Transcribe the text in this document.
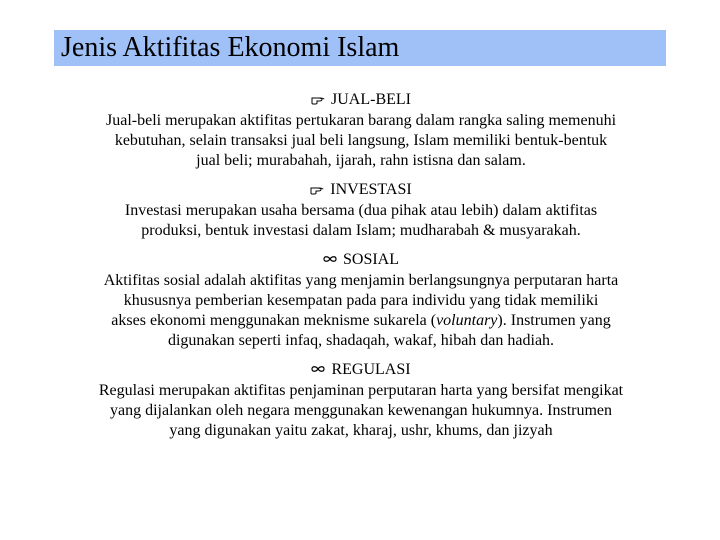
Jenis Aktifitas Ekonomi Islam
JUAL-BELI

Jual-beli merupakan aktifitas pertukaran barang dalam rangka saling memenuhi
kebutuhan, selain transaksi jual beli langsung, Islam memiliki bentuk-bentuk
jual beli; murabahah, ijarah, rahn istisna dan salam.

INVESTASI

Investasi merupakan usaha bersama (dua pihak atau lebih) dalam aktifitas
produksi, bentuk investasi dalam Islam; mudharabah & musyarakah.

SOSIAL

Aktifitas sosial adalah aktifitas yang menjamin berlangsungnya perputaran harta
khususnya pemberian kesempatan pada para individu yang tidak memiliki
akses ekonomi menggunakan meknisme sukarela (voluntary). Instrumen yang
digunakan seperti infaq, shadaqah, wakaf, hibah dan hadiah.

REGULASI

Regulasi merupakan aktifitas penjaminan perputaran harta yang bersifat mengikat
yang dijalankan oleh negara menggunakan kewenangan hukumnya. Instrumen
yang digunakan yaitu zakat, kharaj, ushr, khums, dan jizyah
